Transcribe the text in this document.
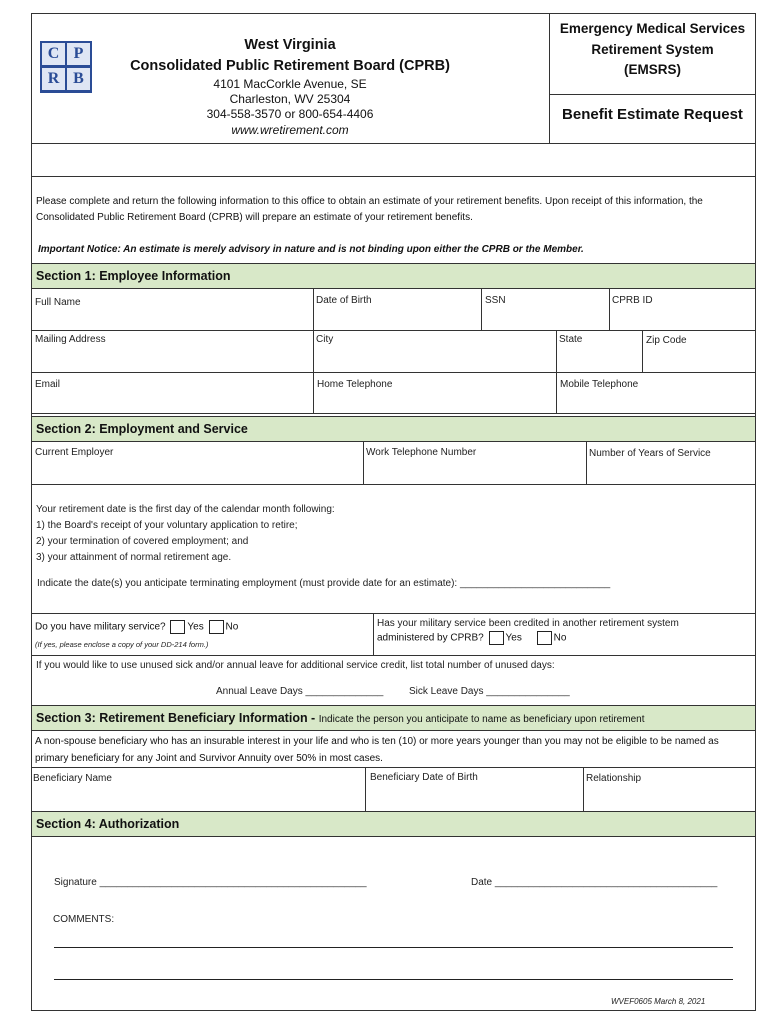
C P
R B
West Virginia
Consolidated Public Retirement Board (CPRB)
4101 MacCorkle Avenue, SE
Charleston, WV 25304
304-558-3570 or 800-654-4406
www.wretirement.com
Emergency Medical Services
Retirement System
(EMSRS)
Benefit Estimate Request
Please complete and return the following information to this office to obtain an estimate of your retirement benefits. Upon receipt of this information, the Consolidated Public Retirement Board (CPRB) will prepare an estimate of your retirement benefits.
Important Notice: An estimate is merely advisory in nature and is not binding upon either the CPRB or the Member.
Section 1: Employee Information
Full Name	Date of Birth	SSN	CPRB ID
Mailing Address	City	State	Zip Code
Email	Home Telephone	Mobile Telephone
Section 2: Employment and Service
Current Employer	Work Telephone Number	Number of Years of Service
Your retirement date is the first day of the calendar month following:
1) the Board's receipt of your voluntary application to retire;
2) your termination of covered employment; and
3) your attainment of normal retirement age.
Indicate the date(s) you anticipate terminating employment (must provide date for an estimate): ___________________________
Do you have military service? Yes No
(If yes, please enclose a copy of your DD-214 form.)
Has your military service been credited in another retirement system
administered by CPRB? Yes	No
If you would like to use unused sick and/or annual leave for additional service credit, list total number of unused days:
Annual Leave Days ______________	Sick Leave Days _______________
Section 3: Retirement Beneficiary Information - Indicate the person you anticipate to name as beneficiary upon retirement
A non-spouse beneficiary who has an insurable interest in your life and who is ten (10) or more years younger than you may not be eligible to be named as primary beneficiary for any Joint and Survivor Annuity over 50% in most cases.
Beneficiary Name	Beneficiary Date of Birth	Relationship
Section 4: Authorization
Signature ________________________________________________	Date ________________________________________
COMMENTS:
WVEF0605 March 8, 2021
